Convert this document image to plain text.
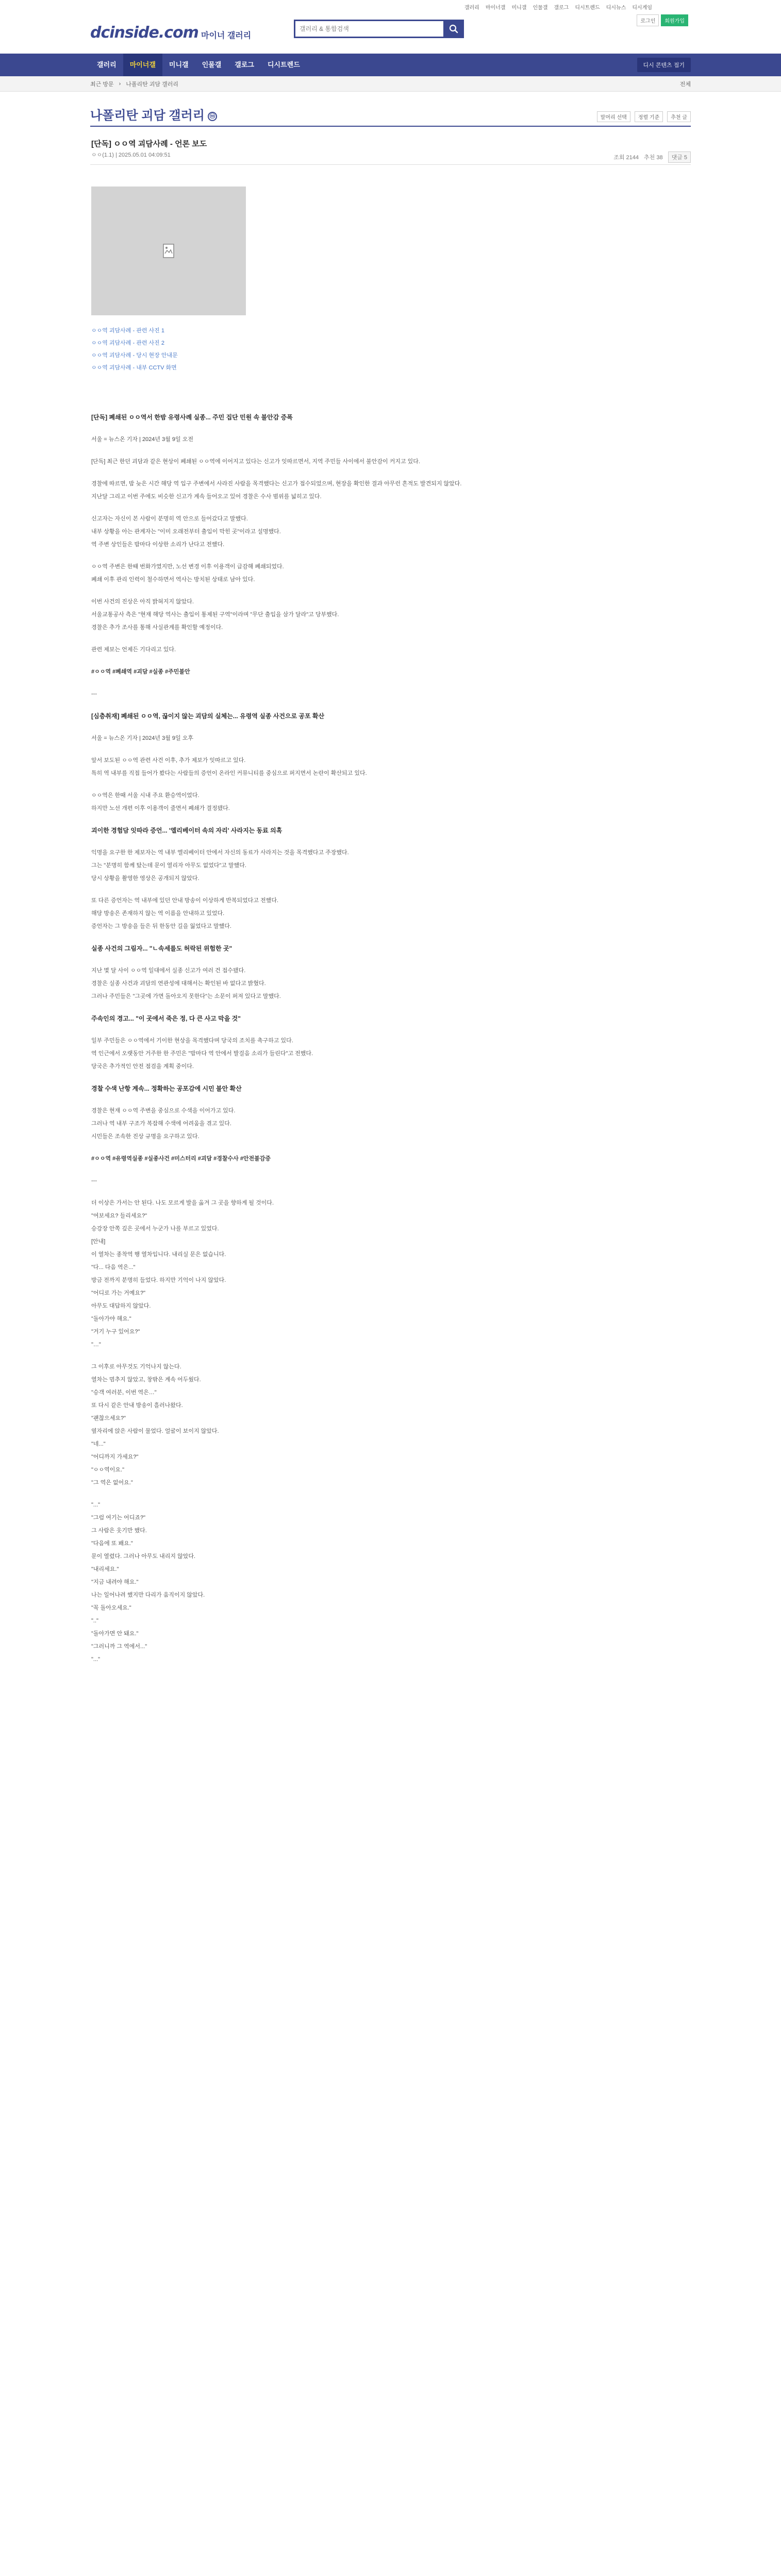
갤러리 마이너갤 미니갤 인물갤 갤로그 디시트렌드 디시뉴스 디시게임
dcinside.com 마이너 갤러리
갤러리 & 통합검색
로그인	회원가입
갤러리	마이너갤	미니갤	인물갤	갤로그	디시트렌드	디시 콘텐츠 접기
최근 방문 › 나폴리탄 괴담 갤러리	전체
나폴리탄 괴담 갤러리 ⓜ	말머리 선택	정렬 기준	추천 글
[단독] ㅇㅇ역 괴담사례 - 언론 보도
ㅇㅇ(1.1) | 2025.05.01 04:09:51	조회 2144 추천 38	댓글 5
ㅇㅇ역 괴담사례 - 관련 사진 1
ㅇㅇ역 괴담사례 - 관련 사진 2
ㅇㅇ역 괴담사례 - 당시 현장 안내문
ㅇㅇ역 괴담사례 - 내부 CCTV 화면

[단독] 폐쇄된 ㅇㅇ역서 한밤 유령사례 실종... 주민 집단 민원 속 불안감 증폭

서울 = 뉴스온 기자 | 2024년 3월 9일 오전

[단독] 최근 한던 괴담과 같은 현상이 폐쇄된 ㅇㅇ역에 이어지고 있다는 신고가 잇따르면서, 지역 주민들 사이에서 불안감이 커지고 있다.

경찰에 따르면, 밤 늦은 시간 해당 역 입구 주변에서 사라진 사람을 목격했다는 신고가 접수되었으며, 현장을 확인한 결과 아무런 흔적도 발견되지 않았다.

지난달 그리고 이번 주에도 비슷한 신고가 계속 들어오고 있어 경찰은 수사 범위를 넓히고 있다.

신고자는 자신이 본 사람이 분명히 역 안으로 들어갔다고 말했다.

내부 상황을 아는 관계자는 "이미 오래전부터 출입이 막힌 곳"이라고 설명했다.

역 주변 상인들은 밤마다 이상한 소리가 난다고 전했다.

ㅇㅇ역 주변은 한때 번화가였지만, 노선 변경 이후 이용객이 급감해 폐쇄되었다.

폐쇄 이후 관리 인력이 철수하면서 역사는 방치된 상태로 남아 있다.

이번 사건의 진상은 아직 밝혀지지 않았다.

서울교통공사 측은 "현재 해당 역사는 출입이 통제된 구역"이라며 "무단 출입을 삼가 달라"고 당부했다.

경찰은 추가 조사를 통해 사실관계를 확인할 예정이다.

관련 제보는 언제든 기다리고 있다.

#ㅇㅇ역 #폐쇄역 #괴담 #실종 #주민불안

---

[심층취재] 폐쇄된 ㅇㅇ역, 끊이지 않는 괴담의 실체는... 유령역 실종 사건으로 공포 확산

서울 = 뉴스온 기자 | 2024년 3월 9일 오후

앞서 보도된 ㅇㅇ역 관련 사건 이후, 추가 제보가 잇따르고 있다.

특히 역 내부를 직접 들어가 봤다는 사람들의 증언이 온라인 커뮤니티를 중심으로 퍼지면서 논란이 확산되고 있다.

ㅇㅇ역은 한때 서울 시내 주요 환승역이었다.

하지만 노선 개편 이후 이용객이 줄면서 폐쇄가 결정됐다.

괴이한 경험담 잇따라 증언... '엘리베이터 속의 자리' 사라지는 동료 의혹

익명을 요구한 한 제보자는 역 내부 엘리베이터 안에서 자신의 동료가 사라지는 것을 목격했다고 주장했다.

그는 "분명히 함께 탔는데 문이 열리자 아무도 없었다"고 말했다.

당시 상황을 촬영한 영상은 공개되지 않았다.

또 다른 증언자는 역 내부에 있던 안내 방송이 이상하게 반복되었다고 전했다.

해당 방송은 존재하지 않는 역 이름을 안내하고 있었다.

증언자는 그 방송을 들은 뒤 한동안 길을 잃었다고 말했다.

실종 사건의 그림자... "ㄴ속세를도 허락된 위험한 곳"

지난 몇 달 사이 ㅇㅇ역 일대에서 실종 신고가 여러 건 접수됐다.

경찰은 실종 사건과 괴담의 연관성에 대해서는 확인된 바 없다고 밝혔다.

그러나 주민들은 "그곳에 가면 돌아오지 못한다"는 소문이 퍼져 있다고 말했다.

주속인의 경고... "이 곳에서 죽은 정, 다 큰 사고 막을 것"

일부 주민들은 ㅇㅇ역에서 기이한 현상을 목격했다며 당국의 조치를 촉구하고 있다.

역 인근에서 오랫동안 거주한 한 주민은 "밤마다 역 안에서 발걸음 소리가 들린다"고 전했다.

당국은 추가적인 안전 점검을 계획 중이다.

경찰 수색 난항 계속... 정확하는 공포감에 시민 불안 확산

경찰은 현재 ㅇㅇ역 주변을 중심으로 수색을 이어가고 있다.

그러나 역 내부 구조가 복잡해 수색에 어려움을 겪고 있다.

시민들은 조속한 진상 규명을 요구하고 있다.

#ㅇㅇ역 #유령역실종 #실종사건 #미스터리 #괴담 #경찰수사 #안전불감증

---

더 이상은 가서는 안 된다. 나도 모르게 발을 옮겨 그 곳을 향하게 될 것이다.

"여보세요? 들리세요?"

승강장 안쪽 깊은 곳에서 누군가 나를 부르고 있었다.

[안내]

이 열차는 종착역 행 열차입니다. 내리실 문은 없습니다.

"다... 다음 역은..."

방금 전까지 분명히 들었다. 하지만 기억이 나지 않았다.

"어디로 가는 거예요?"

아무도 대답하지 않았다.

"돌아가야 해요."

"거기 누구 있어요?"

"…"

그 이후로 아무것도 기억나지 않는다.

열차는 멈추지 않았고, 창밖은 계속 어두웠다.

"승객 여러분, 이번 역은…"

또 다시 같은 안내 방송이 흘러나왔다.

"괜찮으세요?"

옆자리에 앉은 사람이 물었다. 얼굴이 보이지 않았다.

"네..."

"어디까지 가세요?"

"ㅇㅇ역이요."

"그 역은 없어요."

"..."

"그럼 여기는 어디죠?"

그 사람은 웃기만 했다.

"다음에 또 봬요."

문이 열렸다. 그러나 아무도 내리지 않았다.

"내리세요."

"지금 내려야 해요."

나는 일어나려 했지만 다리가 움직이지 않았다.

"꼭 돌아오세요."

".."

"돌아가면 안 돼요."

"그러니까 그 역에서..."

"..."
